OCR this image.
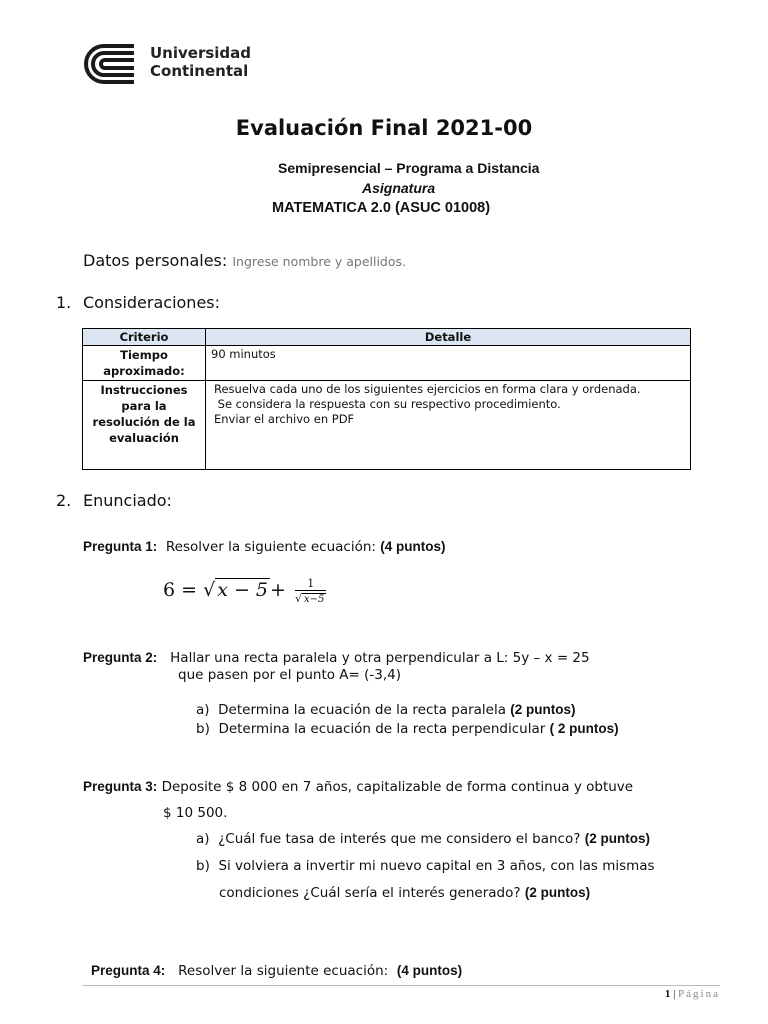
Universidad
Continental
Evaluación Final 2021-00
Semipresencial – Programa a Distancia
Asignatura
MATEMATICA 2.0 (ASUC 01008)
Datos personales: Ingrese nombre y apellidos.
1. Consideraciones:
Criterio	Detalle
Tiempo aproximado:	90 minutos

Instrucciones para la resolución de la evaluación	Resuelva cada uno de los siguientes ejercicios en forma clara y ordenada.
Se considera la respuesta con su respectivo procedimiento.
Enviar el archivo en PDF
2. Enunciado:
Pregunta 1: Resolver la siguiente ecuación: (4 puntos)
6 = √ $x - 5 + \frac{1}{√ x-5}$
Pregunta 2: Hallar una recta paralela y otra perpendicular a L: 5y – x = 25
que pasen por el punto A= (-3,4)
a) Determina la ecuación de la recta paralela (2 puntos)
b) Determina la ecuación de la recta perpendicular ( 2 puntos)
Pregunta 3: Deposite $ 8 000 en 7 años, capitalizable de forma continua y obtuve
$ 10 500.
a) ¿Cuál fue tasa de interés que me considero el banco? (2 puntos)
b) Si volviera a invertir mi nuevo capital en 3 años, con las mismas
condiciones ¿Cuál sería el interés generado? (2 puntos)
Pregunta 4: Resolver la siguiente ecuación: (4 puntos)
1 | Página
